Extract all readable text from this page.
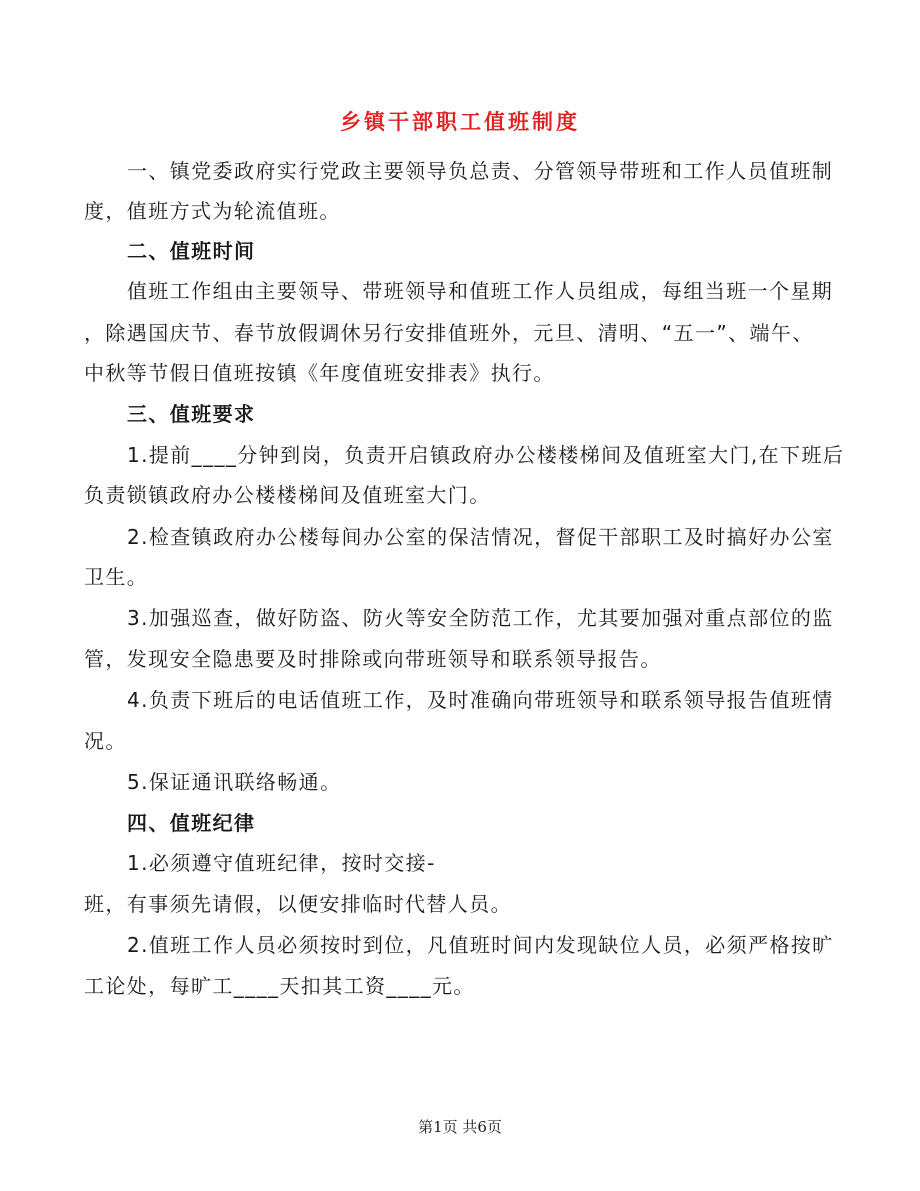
乡镇干部职工值班制度
一、镇党委政府实行党政主要领导负总责、分管领导带班和工作人员值班制
度，值班方式为轮流值班。
二、值班时间
值班工作组由主要领导、带班领导和值班工作人员组成，每组当班一个星期
，除遇国庆节、春节放假调休另行安排值班外，元旦、清明、“五一”、端午、
中秋等节假日值班按镇《年度值班安排表》执行。
三、值班要求
1.提前____分钟到岗，负责开启镇政府办公楼楼梯间及值班室大门,在下班后
负责锁镇政府办公楼楼梯间及值班室大门。
2.检查镇政府办公楼每间办公室的保洁情况，督促干部职工及时搞好办公室
卫生。
3.加强巡查，做好防盗、防火等安全防范工作，尤其要加强对重点部位的监
管，发现安全隐患要及时排除或向带班领导和联系领导报告。
4.负责下班后的电话值班工作，及时准确向带班领导和联系领导报告值班情
况。
5.保证通讯联络畅通。
四、值班纪律
1.必须遵守值班纪律，按时交接-
班，有事须先请假，以便安排临时代替人员。
2.值班工作人员必须按时到位，凡值班时间内发现缺位人员，必须严格按旷
工论处，每旷工____天扣其工资____元。
第1页 共6页
